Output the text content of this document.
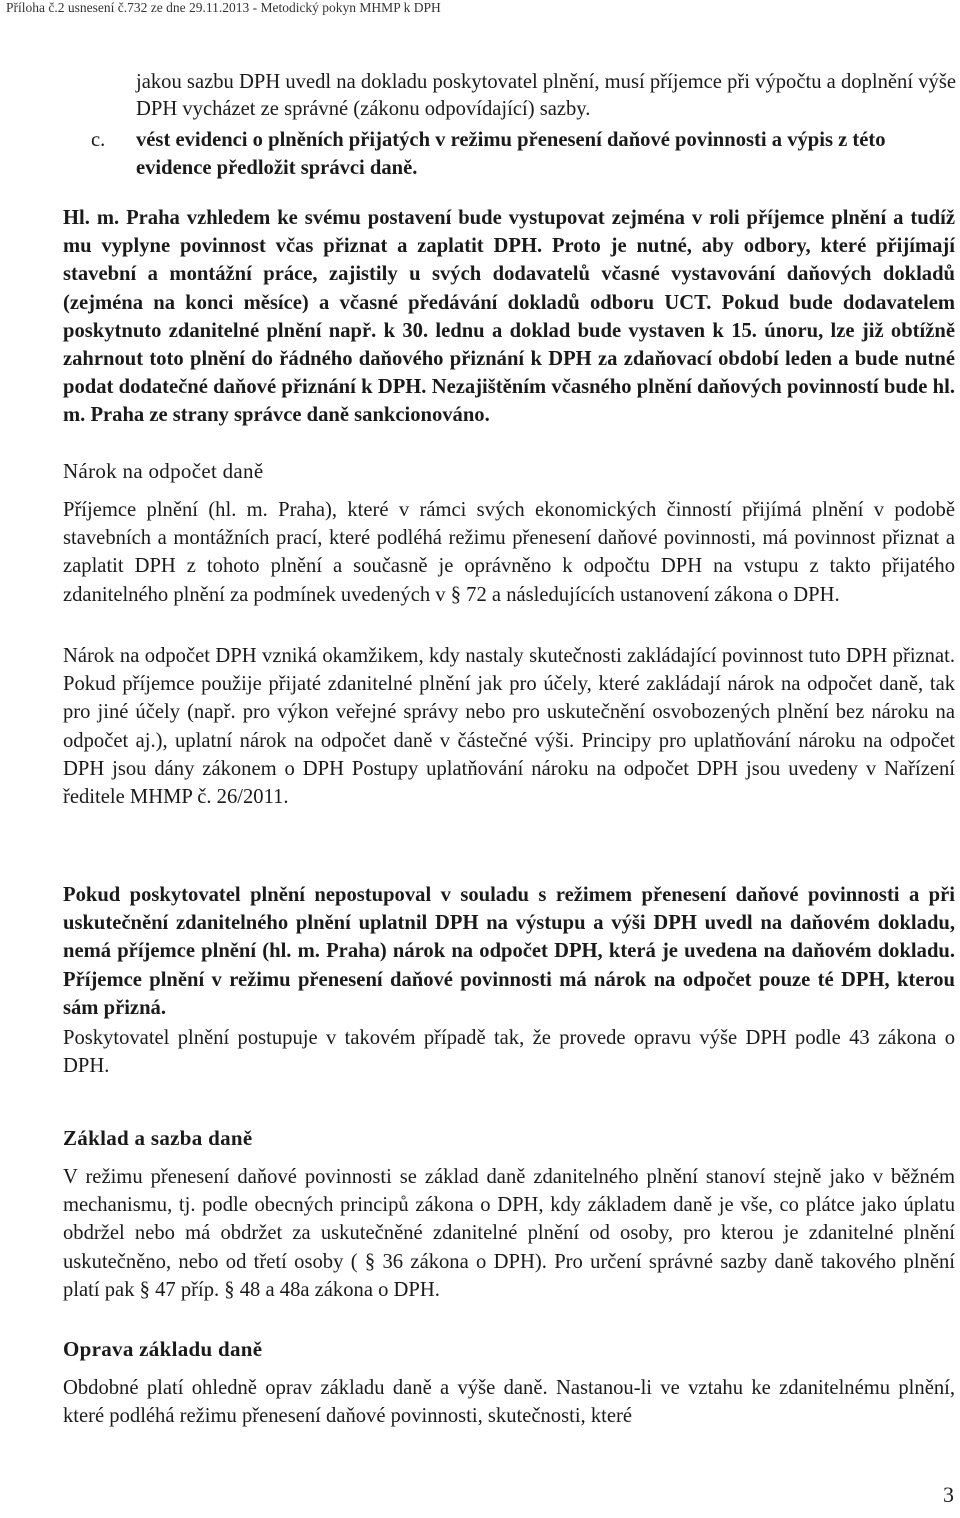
Příloha č.2 usnesení č.732 ze dne 29.11.2013 - Metodický pokyn MHMP k DPH
jakou sazbu DPH uvedl na dokladu poskytovatel plnění, musí příjemce při výpočtu a doplnění výše DPH vycházet ze správné (zákonu odpovídající) sazby.
c. vést evidenci o plněních přijatých v režimu přenesení daňové povinnosti a výpis z této evidence předložit správci daně.
Hl. m. Praha vzhledem ke svému postavení bude vystupovat zejména v roli příjemce plnění a tudíž mu vyplyne povinnost včas přiznat a zaplatit DPH. Proto je nutné, aby odbory, které přijímají stavební a montážní práce, zajistily u svých dodavatelů včasné vystavování daňových dokladů (zejména na konci měsíce) a včasné předávání dokladů odboru UCT. Pokud bude dodavatelem poskytnuto zdanitelné plnění např. k 30. lednu a doklad bude vystaven k 15. únoru, lze již obtížně zahrnout toto plnění do řádného daňového přiznání k DPH za zdaňovací období leden a bude nutné podat dodatečné daňové přiznání k DPH. Nezajištěním včasného plnění daňových povinností bude hl. m. Praha ze strany správce daně sankcionováno.
Nárok na odpočet daně
Příjemce plnění (hl. m. Praha), které v rámci svých ekonomických činností přijímá plnění v podobě stavebních a montážních prací, které podléhá režimu přenesení daňové povinnosti, má povinnost přiznat a zaplatit DPH z tohoto plnění a současně je oprávněno k odpočtu DPH na vstupu z takto přijatého zdanitelného plnění za podmínek uvedených v § 72 a následujících ustanovení zákona o DPH.
Nárok na odpočet DPH vzniká okamžikem, kdy nastaly skutečnosti zakládající povinnost tuto DPH přiznat. Pokud příjemce použije přijaté zdanitelné plnění jak pro účely, které zakládají nárok na odpočet daně, tak pro jiné účely (např. pro výkon veřejné správy nebo pro uskutečnění osvobozených plnění bez nároku na odpočet aj.), uplatní nárok na odpočet daně v částečné výši. Principy pro uplatňování nároku na odpočet DPH jsou dány zákonem o DPH Postupy uplatňování nároku na odpočet DPH jsou uvedeny v Nařízení ředitele MHMP č. 26/2011.
Pokud poskytovatel plnění nepostupoval v souladu s režimem přenesení daňové povinnosti a při uskutečnění zdanitelného plnění uplatnil DPH na výstupu a výši DPH uvedl na daňovém dokladu, nemá příjemce plnění (hl. m. Praha) nárok na odpočet DPH, která je uvedena na daňovém dokladu. Příjemce plnění v režimu přenesení daňové povinnosti má nárok na odpočet pouze té DPH, kterou sám přizná.
Poskytovatel plnění postupuje v takovém případě tak, že provede opravu výše DPH podle 43 zákona o DPH.
Základ a sazba daně
V režimu přenesení daňové povinnosti se základ daně zdanitelného plnění stanoví stejně jako v běžném mechanismu, tj. podle obecných principů zákona o DPH, kdy základem daně je vše, co plátce jako úplatu obdržel nebo má obdržet za uskutečněné zdanitelné plnění od osoby, pro kterou je zdanitelné plnění uskutečněno, nebo od třetí osoby ( § 36 zákona o DPH). Pro určení správné sazby daně takového plnění platí pak § 47 příp. § 48 a 48a zákona o DPH.
Oprava základu daně
Obdobné platí ohledně oprav základu daně a výše daně. Nastanou-li ve vztahu ke zdanitelnému plnění, které podléhá režimu přenesení daňové povinnosti, skutečnosti, které
3
